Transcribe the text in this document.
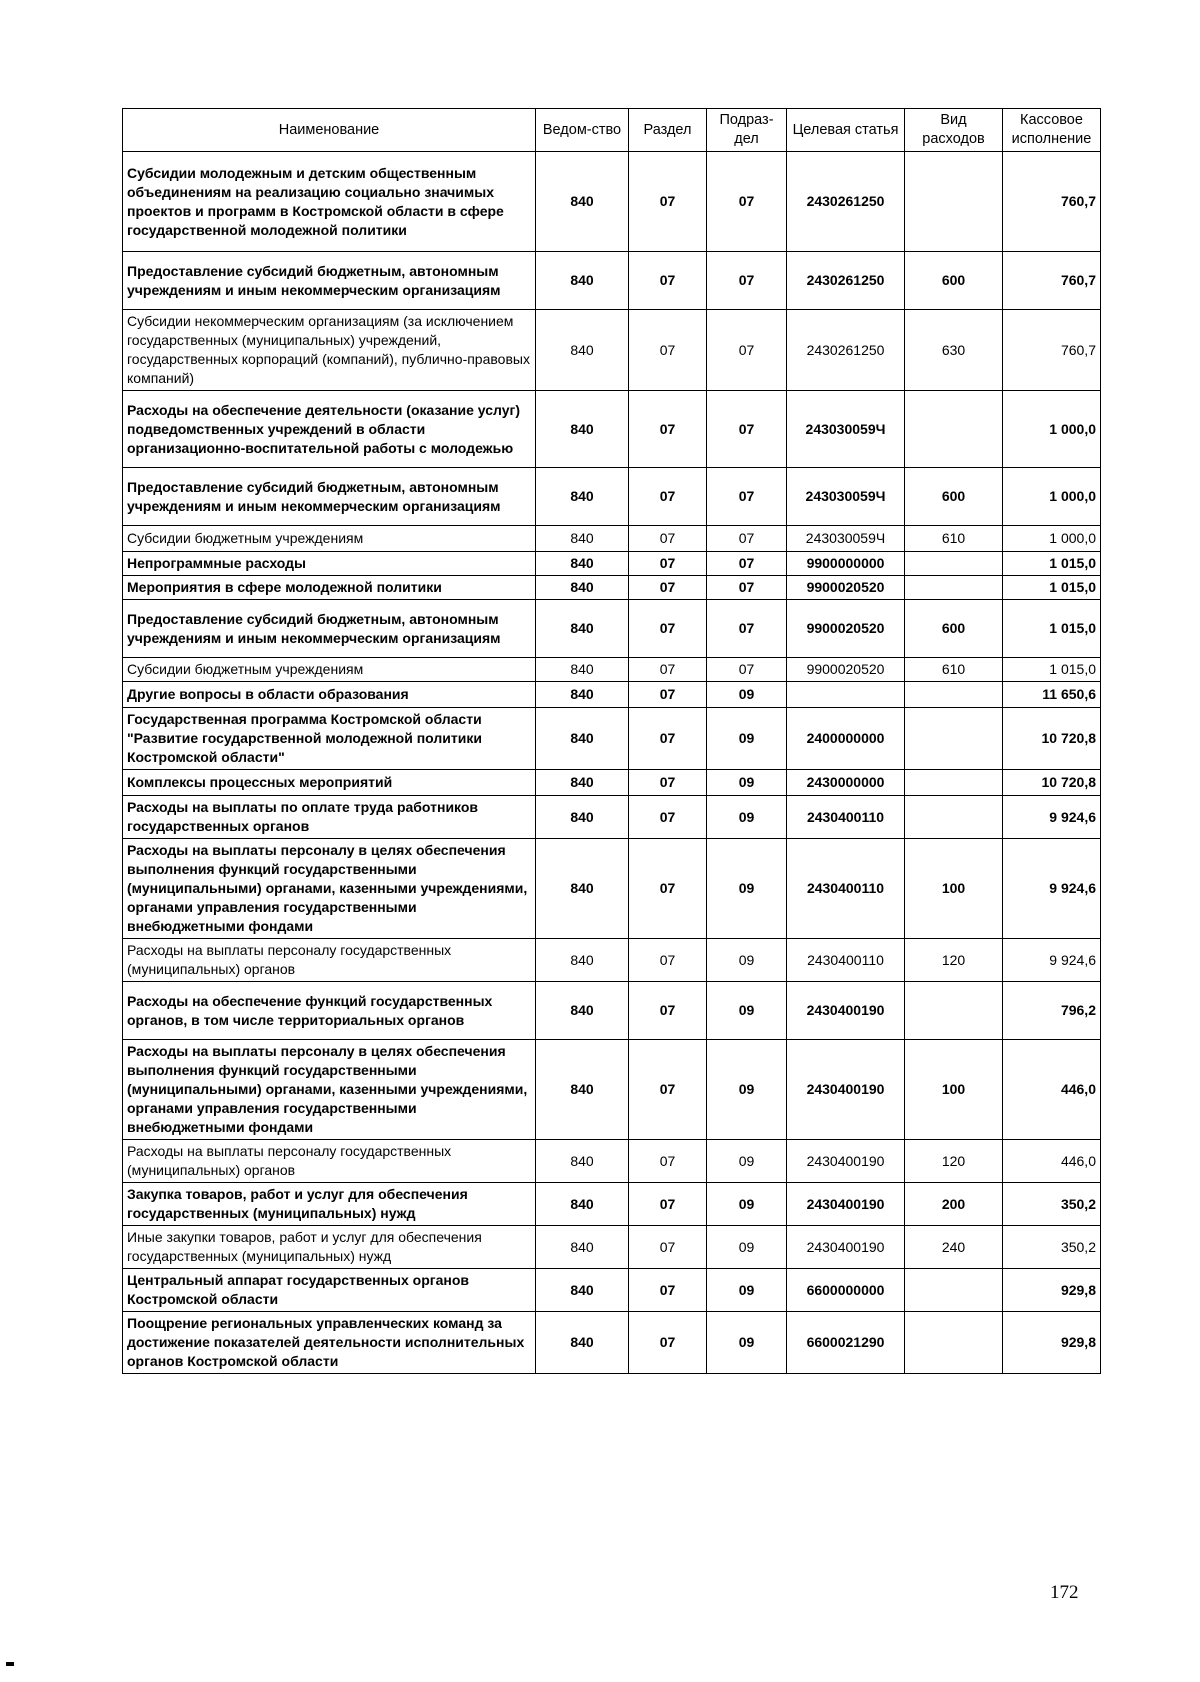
Наименование	Ведом-ство	Раздел	Подраз-дел	Целевая статья	Вид расходов	Кассовое исполнение
Субсидии молодежным и детским общественным объединениям на реализацию социально значимых проектов и программ в Костромской области в сфере государственной молодежной политики	840	07	07	2430261250		760,7
Предоставление субсидий бюджетным, автономным учреждениям и иным некоммерческим организациям	840	07	07	2430261250	600	760,7
Субсидии некоммерческим организациям (за исключением государственных (муниципальных) учреждений, государственных корпораций (компаний), публично-правовых компаний)	840	07	07	2430261250	630	760,7
Расходы на обеспечение деятельности (оказание услуг) подведомственных учреждений в области организационно-воспитательной работы с молодежью	840	07	07	243030059Ч		1 000,0
Предоставление субсидий бюджетным, автономным учреждениям и иным некоммерческим организациям	840	07	07	243030059Ч	600	1 000,0
Субсидии бюджетным учреждениям	840	07	07	243030059Ч	610	1 000,0
Непрограммные расходы	840	07	07	9900000000		1 015,0
Мероприятия в сфере молодежной политики	840	07	07	9900020520		1 015,0
Предоставление субсидий бюджетным, автономным учреждениям и иным некоммерческим организациям	840	07	07	9900020520	600	1 015,0
Субсидии бюджетным учреждениям	840	07	07	9900020520	610	1 015,0
Другие вопросы в области образования	840	07	09			11 650,6
Государственная программа Костромской области "Развитие государственной молодежной политики Костромской области"	840	07	09	2400000000		10 720,8
Комплексы процессных мероприятий	840	07	09	2430000000		10 720,8
Расходы на выплаты по оплате труда работников государственных органов	840	07	09	2430400110		9 924,6
Расходы на выплаты персоналу в целях обеспечения выполнения функций государственными (муниципальными) органами, казенными учреждениями, органами управления государственными внебюджетными фондами	840	07	09	2430400110	100	9 924,6
Расходы на выплаты персоналу государственных (муниципальных) органов	840	07	09	2430400110	120	9 924,6
Расходы на обеспечение функций государственных органов, в том числе территориальных органов	840	07	09	2430400190		796,2
Расходы на выплаты персоналу в целях обеспечения выполнения функций государственными (муниципальными) органами, казенными учреждениями, органами управления государственными внебюджетными фондами	840	07	09	2430400190	100	446,0
Расходы на выплаты персоналу государственных (муниципальных) органов	840	07	09	2430400190	120	446,0
Закупка товаров, работ и услуг для обеспечения государственных (муниципальных) нужд	840	07	09	2430400190	200	350,2
Иные закупки товаров, работ и услуг для обеспечения государственных (муниципальных) нужд	840	07	09	2430400190	240	350,2
Центральный аппарат государственных органов Костромской области	840	07	09	6600000000		929,8
Поощрение региональных управленческих команд за достижение показателей деятельности исполнительных органов Костромской области	840	07	09	6600021290		929,8
172
